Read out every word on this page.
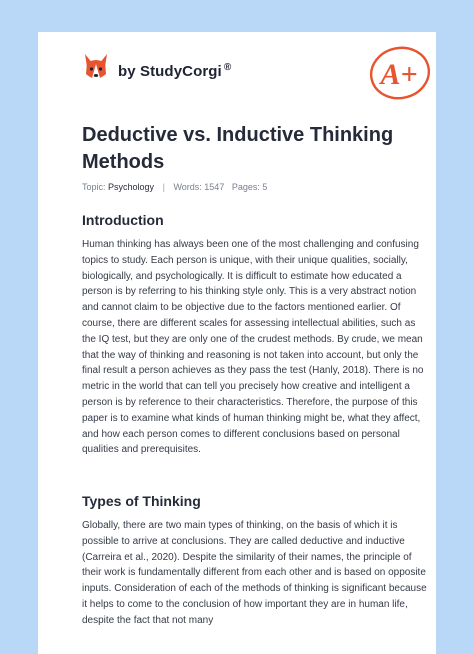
by StudyCorgi ®	A+
Deductive vs. Inductive Thinking Methods
Topic: Psychology | Words: 1547 Pages: 5
Introduction

Human thinking has always been one of the most challenging and confusing topics to study. Each person is unique, with their unique qualities, socially, biologically, and psychologically. It is difficult to estimate how educated a person is by referring to his thinking style only. This is a very abstract notion and cannot claim to be objective due to the factors mentioned earlier. Of course, there are different scales for assessing intellectual abilities, such as the IQ test, but they are only one of the crudest methods. By crude, we mean that the way of thinking and reasoning is not taken into account, but only the final result a person achieves as they pass the test (Hanly, 2018). There is no metric in the world that can tell you precisely how creative and intelligent a person is by reference to their characteristics. Therefore, the purpose of this paper is to examine what kinds of human thinking might be, what they affect, and how each person comes to different conclusions based on personal qualities and prerequisites.

Types of Thinking

Globally, there are two main types of thinking, on the basis of which it is possible to arrive at conclusions. They are called deductive and inductive (Carreira et al., 2020). Despite the similarity of their names, the principle of their work is fundamentally different from each other and is based on opposite inputs. Consideration of each of the methods of thinking is significant because it helps to come to the conclusion of how important they are in human life, despite the fact that not many
